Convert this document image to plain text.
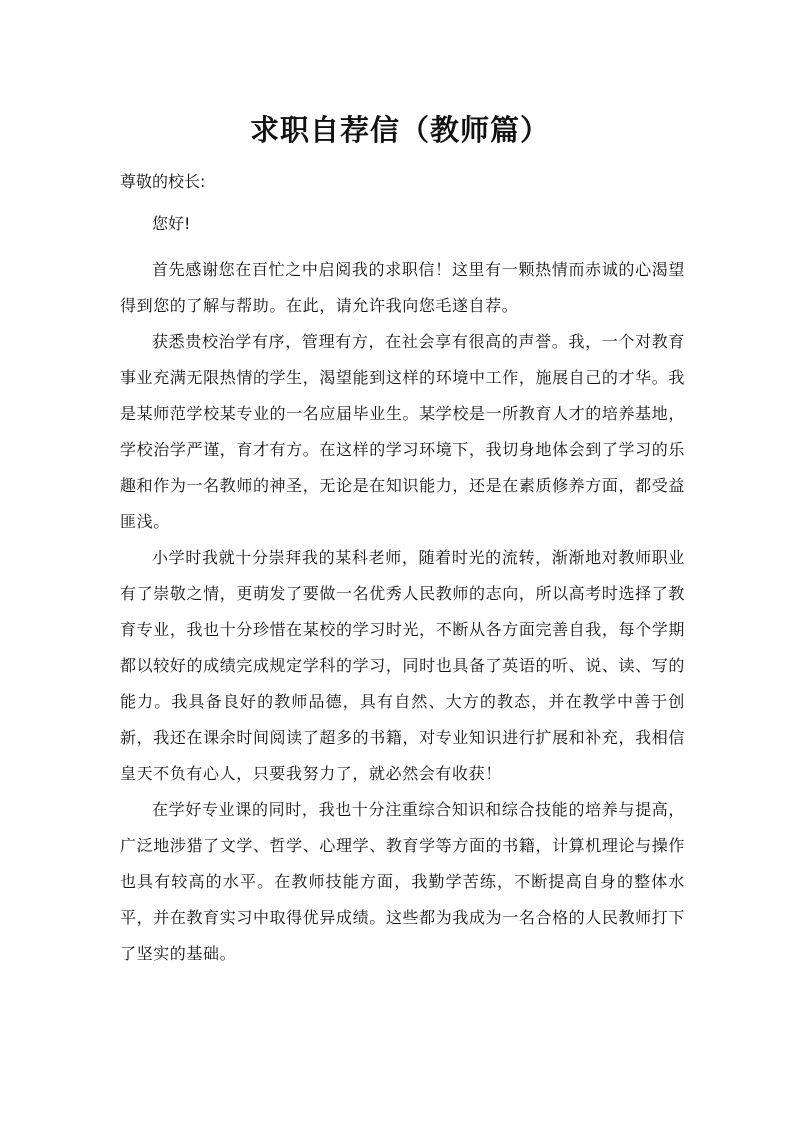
求职自荐信（教师篇）

尊敬的校长:

您好!

首先感谢您在百忙之中启阅我的求职信！这里有一颗热情而赤诚的心渴望得到您的了解与帮助。在此，请允许我向您毛遂自荐。

获悉贵校治学有序，管理有方，在社会享有很高的声誉。我，一个对教育事业充满无限热情的学生，渴望能到这样的环境中工作，施展自己的才华。我是某师范学校某专业的一名应届毕业生。某学校是一所教育人才的培养基地，学校治学严谨，育才有方。在这样的学习环境下，我切身地体会到了学习的乐趣和作为一名教师的神圣，无论是在知识能力，还是在素质修养方面，都受益匪浅。

小学时我就十分崇拜我的某科老师，随着时光的流转，渐渐地对教师职业有了崇敬之情，更萌发了要做一名优秀人民教师的志向，所以高考时选择了教育专业，我也十分珍惜在某校的学习时光，不断从各方面完善自我，每个学期都以较好的成绩完成规定学科的学习，同时也具备了英语的听、说、读、写的能力。我具备良好的教师品德，具有自然、大方的教态，并在教学中善于创新，我还在课余时间阅读了超多的书籍，对专业知识进行扩展和补充，我相信皇天不负有心人，只要我努力了，就必然会有收获！

在学好专业课的同时，我也十分注重综合知识和综合技能的培养与提高，广泛地涉猎了文学、哲学、心理学、教育学等方面的书籍，计算机理论与操作也具有较高的水平。在教师技能方面，我勤学苦练，不断提高自身的整体水平，并在教育实习中取得优异成绩。这些都为我成为一名合格的人民教师打下了坚实的基础。
